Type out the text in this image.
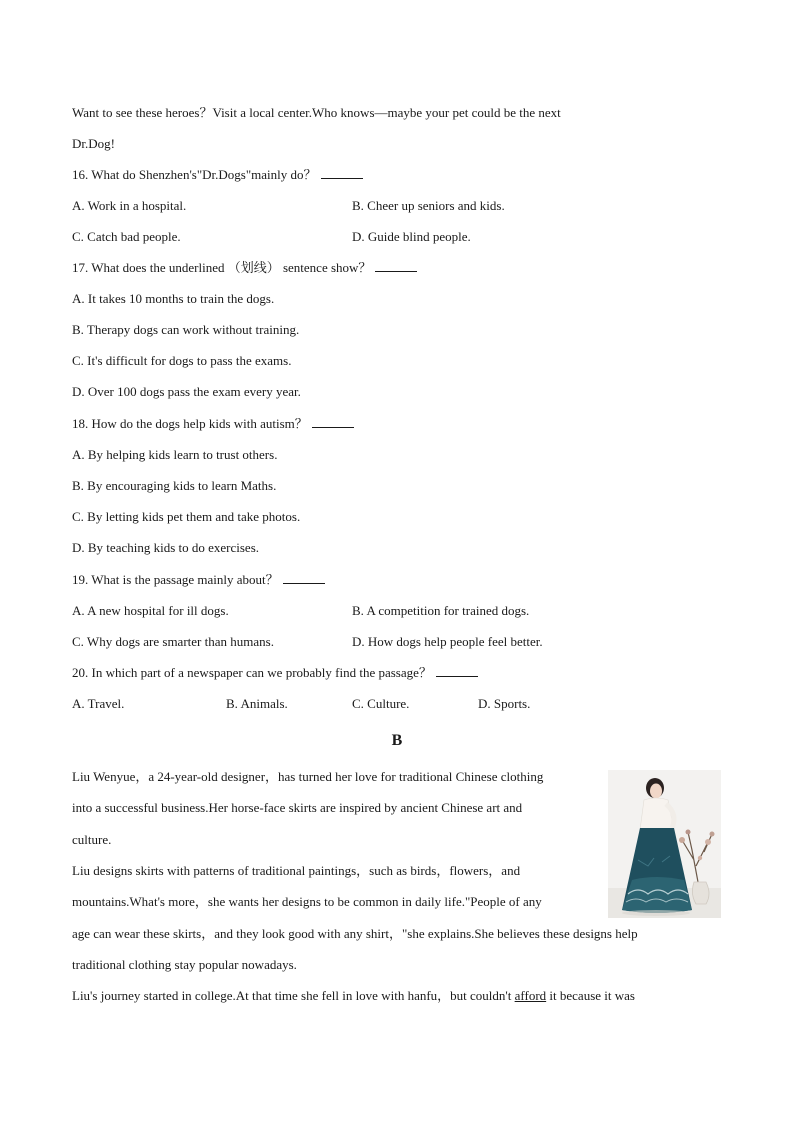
Want to see these heroes？Visit a local center.Who knows—maybe your pet could be the next
Dr.Dog!
16. What do Shenzhen's"Dr.Dogs"mainly do？
A. Work in a hospital.	B. Cheer up seniors and kids.
C. Catch bad people.	D. Guide blind people.
17. What does the underlined （划线） sentence show？
A. It takes 10 months to train the dogs.
B. Therapy dogs can work without training.
C. It's difficult for dogs to pass the exams.
D. Over 100 dogs pass the exam every year.
18. How do the dogs help kids with autism？
A. By helping kids learn to trust others.
B. By encouraging kids to learn Maths.
C. By letting kids pet them and take photos.
D. By teaching kids to do exercises.
19. What is the passage mainly about？
A. A new hospital for ill dogs.	B. A competition for trained dogs.
C. Why dogs are smarter than humans.	D. How dogs help people feel better.
20. In which part of a newspaper can we probably find the passage？
A. Travel.	B. Animals.	C. Culture.	D. Sports.
B
Liu Wenyue，a 24-year-old designer，has turned her love for traditional Chinese clothing
into a successful business.Her horse-face skirts are inspired by ancient Chinese art and
culture.
Liu designs skirts with patterns of traditional paintings，such as birds，flowers，and
mountains.What's more，she wants her designs to be common in daily life."People of any
age can wear these skirts，and they look good with any shirt，"she explains.She believes these designs help
traditional clothing stay popular nowadays.
Liu's journey started in college.At that time she fell in love with hanfu，but couldn't afford it because it was
